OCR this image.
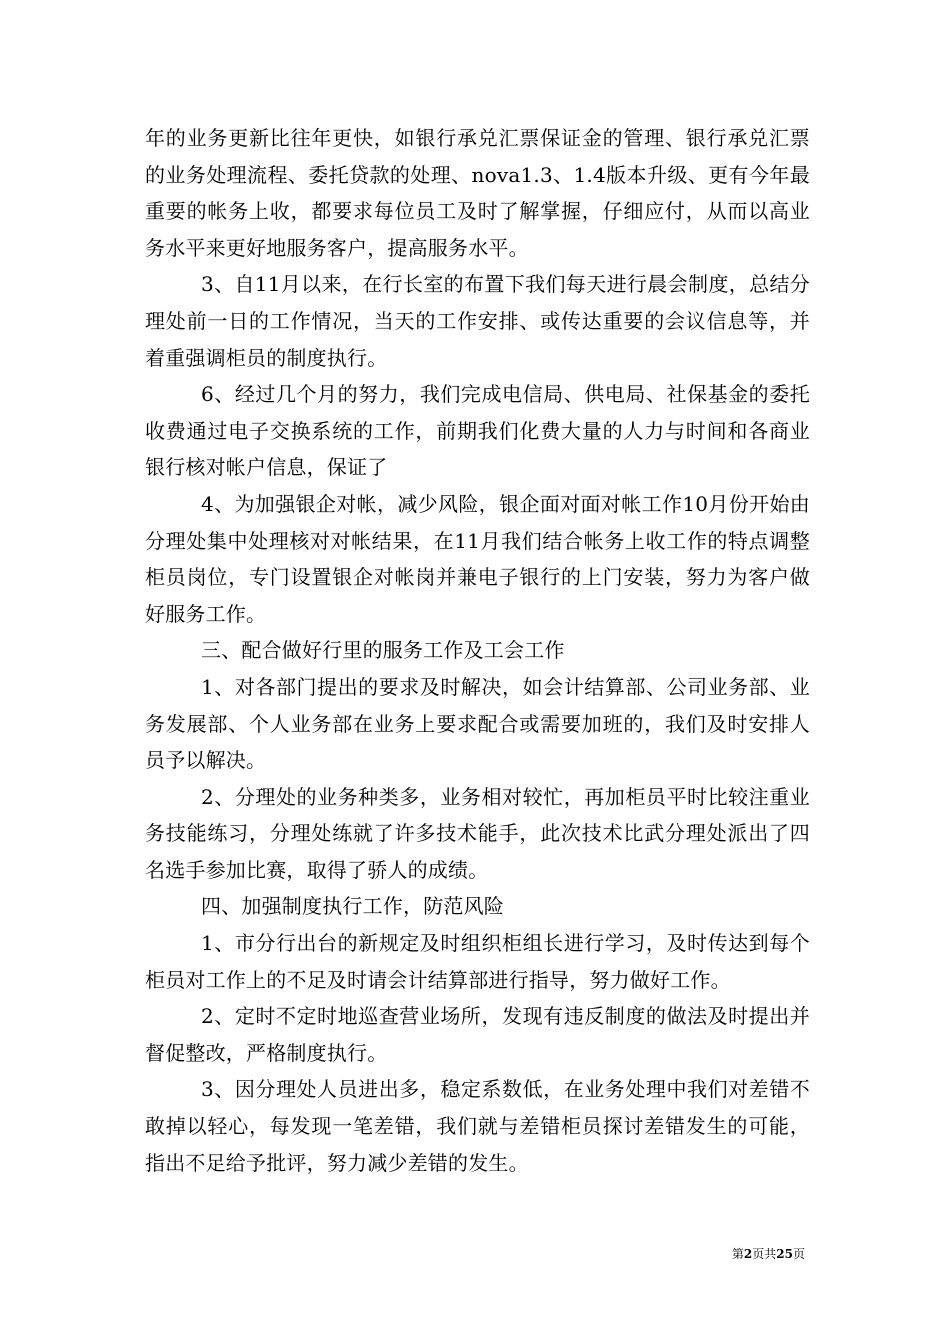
年的业务更新比往年更快，如银行承兑汇票保证金的管理、银行承兑汇票的业务处理流程、委托贷款的处理、nova1.3、1.4版本升级、更有今年最重要的帐务上收，都要求每位员工及时了解掌握，仔细应付，从而以高业务水平来更好地服务客户，提高服务水平。

3、自11月以来，在行长室的布置下我们每天进行晨会制度，总结分理处前一日的工作情况，当天的工作安排、或传达重要的会议信息等，并着重强调柜员的制度执行。

6、经过几个月的努力，我们完成电信局、供电局、社保基金的委托收费通过电子交换系统的工作，前期我们化费大量的人力与时间和各商业银行核对帐户信息，保证了

4、为加强银企对帐，减少风险，银企面对面对帐工作10月份开始由分理处集中处理核对对帐结果，在11月我们结合帐务上收工作的特点调整柜员岗位，专门设置银企对帐岗并兼电子银行的上门安装，努力为客户做好服务工作。

三、配合做好行里的服务工作及工会工作

1、对各部门提出的要求及时解决，如会计结算部、公司业务部、业务发展部、个人业务部在业务上要求配合或需要加班的，我们及时安排人员予以解决。

2、分理处的业务种类多，业务相对较忙，再加柜员平时比较注重业务技能练习，分理处练就了许多技术能手，此次技术比武分理处派出了四名选手参加比赛，取得了骄人的成绩。

四、加强制度执行工作，防范风险

1、市分行出台的新规定及时组织柜组长进行学习，及时传达到每个柜员对工作上的不足及时请会计结算部进行指导，努力做好工作。

2、定时不定时地巡查营业场所，发现有违反制度的做法及时提出并督促整改，严格制度执行。

3、因分理处人员进出多，稳定系数低，在业务处理中我们对差错不敢掉以轻心，每发现一笔差错，我们就与差错柜员探讨差错发生的可能，指出不足给予批评，努力减少差错的发生。

第2页共25页
